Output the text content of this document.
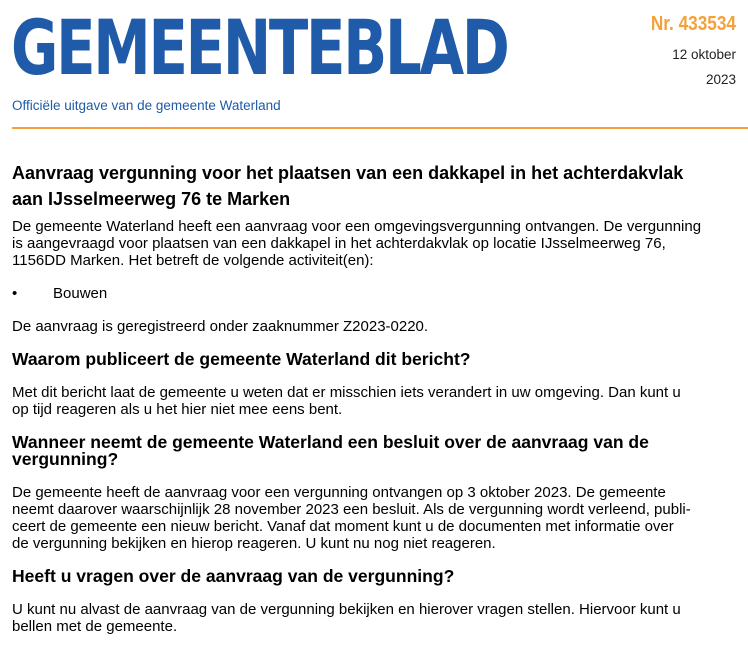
GEMEENTEBLAD
Officiële uitgave van de gemeente Waterland
Nr. 433534
12 oktober
2023
Aanvraag vergunning voor het plaatsen van een dakkapel in het achterdakvlak
aan IJsselmeerweg 76 te Marken

De gemeente Waterland heeft een aanvraag voor een omgevingsvergunning ontvangen. De vergunning
is aangevraagd voor plaatsen van een dakkapel in het achterdakvlak op locatie IJsselmeerweg 76,
1156DD Marken. Het betreft de volgende activiteit(en):

•	Bouwen

De aanvraag is geregistreerd onder zaaknummer Z2023-0220.

Waarom publiceert de gemeente Waterland dit bericht?

Met dit bericht laat de gemeente u weten dat er misschien iets verandert in uw omgeving. Dan kunt u
op tijd reageren als u het hier niet mee eens bent.

Wanneer neemt de gemeente Waterland een besluit over de aanvraag van de vergunning?

De gemeente heeft de aanvraag voor een vergunning ontvangen op 3 oktober 2023. De gemeente
neemt daarover waarschijnlijk 28 november 2023 een besluit. Als de vergunning wordt verleend, publi-
ceert de gemeente een nieuw bericht. Vanaf dat moment kunt u de documenten met informatie over
de vergunning bekijken en hierop reageren. U kunt nu nog niet reageren.

Heeft u vragen over de aanvraag van de vergunning?

U kunt nu alvast de aanvraag van de vergunning bekijken en hierover vragen stellen. Hiervoor kunt u
bellen met de gemeente.
